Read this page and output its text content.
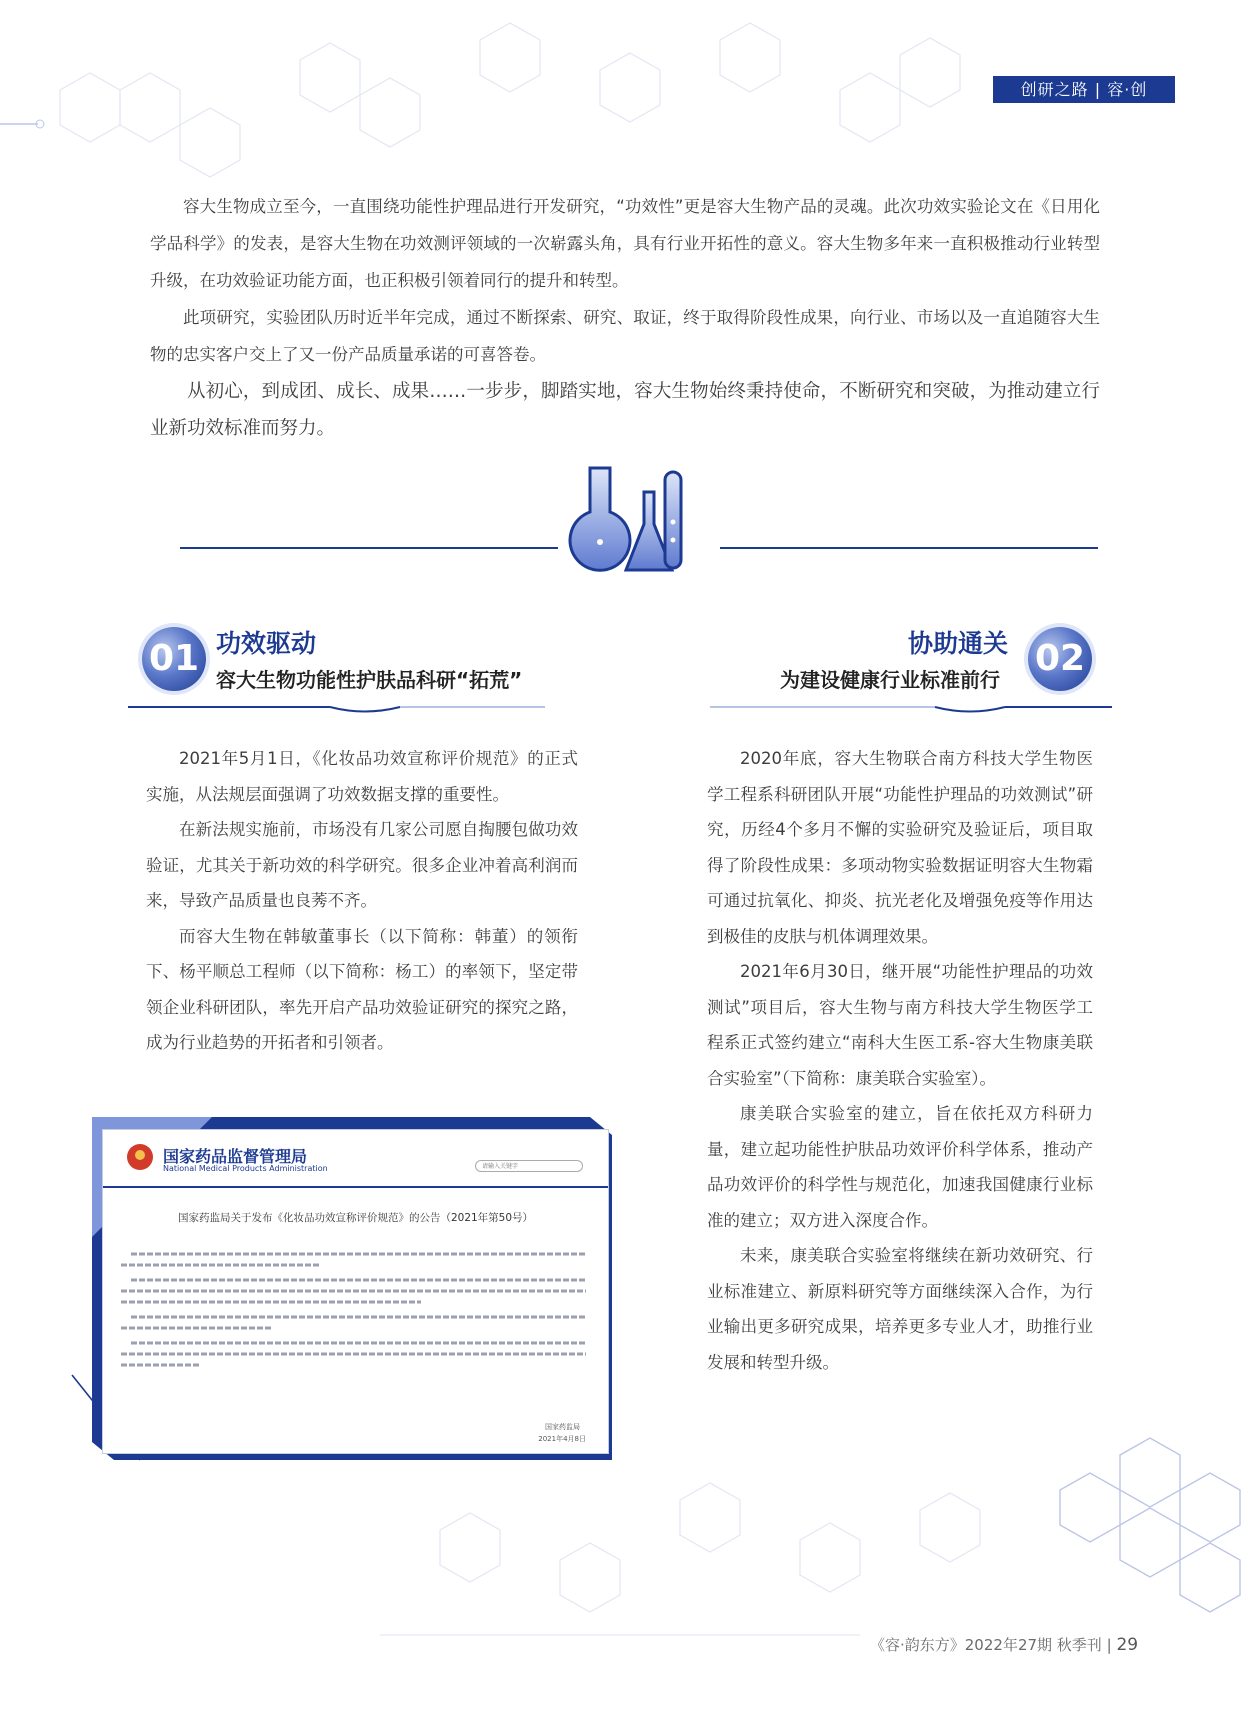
创研之路 | 容·创

容大生物成立至今，一直围绕功能性护理品进行开发研究，“功效性”更是容大生物产品的灵魂。此次功效实验论文在《日用化学品科学》的发表，是容大生物在功效测评领域的一次崭露头角，具有行业开拓性的意义。容大生物多年来一直积极推动行业转型升级，在功效验证功能方面，也正积极引领着同行的提升和转型。

此项研究，实验团队历时近半年完成，通过不断探索、研究、取证，终于取得阶段性成果，向行业、市场以及一直追随容大生物的忠实客户交上了又一份产品质量承诺的可喜答卷。

从初心，到成团、成长、成果……一步步，脚踏实地，容大生物始终秉持使命，不断研究和突破，为推动建立行业新功效标准而努力。

01 功效驱动
容大生物功能性护肤品科研“拓荒”

2021年5月1日，《化妆品功效宣称评价规范》的正式实施，从法规层面强调了功效数据支撑的重要性。

在新法规实施前，市场没有几家公司愿自掏腰包做功效验证，尤其关于新功效的科学研究。很多企业冲着高利润而来，导致产品质量也良莠不齐。

而容大生物在韩敏董事长（以下简称：韩董）的领衔下、杨平顺总工程师（以下简称：杨工）的率领下，坚定带领企业科研团队，率先开启产品功效验证研究的探究之路，成为行业趋势的开拓者和引领者。

协助通关
为建设健康行业标准前行
02

2020年底，容大生物联合南方科技大学生物医学工程系科研团队开展“功能性护理品的功效测试”研究，历经4个多月不懈的实验研究及验证后，项目取得了阶段性成果：多项动物实验数据证明容大生物霜可通过抗氧化、抑炎、抗光老化及增强免疫等作用达到极佳的皮肤与机体调理效果。

2021年6月30日，继开展“功能性护理品的功效测试”项目后，容大生物与南方科技大学生物医学工程系正式签约建立“南科大生医工系-容大生物康美联合实验室”（下简称：康美联合实验室）。

康美联合实验室的建立，旨在依托双方科研力量，建立起功能性护肤品功效评价科学体系，推动产品功效评价的科学性与规范化，加速我国健康行业标准的建立；双方进入深度合作。

未来，康美联合实验室将继续在新功效研究、行业标准建立、新原料研究等方面继续深入合作，为行业输出更多研究成果，培养更多专业人才，助推行业发展和转型升级。

国家药品监督管理局
National Medical Products Administration	请输入关键字
国家药监局关于发布《化妆品功效宣称评价规范》的公告（2021年第50号）
国家药监局
2021年4月8日
《容·韵东方》2022年27期 秋季刊 | 29
